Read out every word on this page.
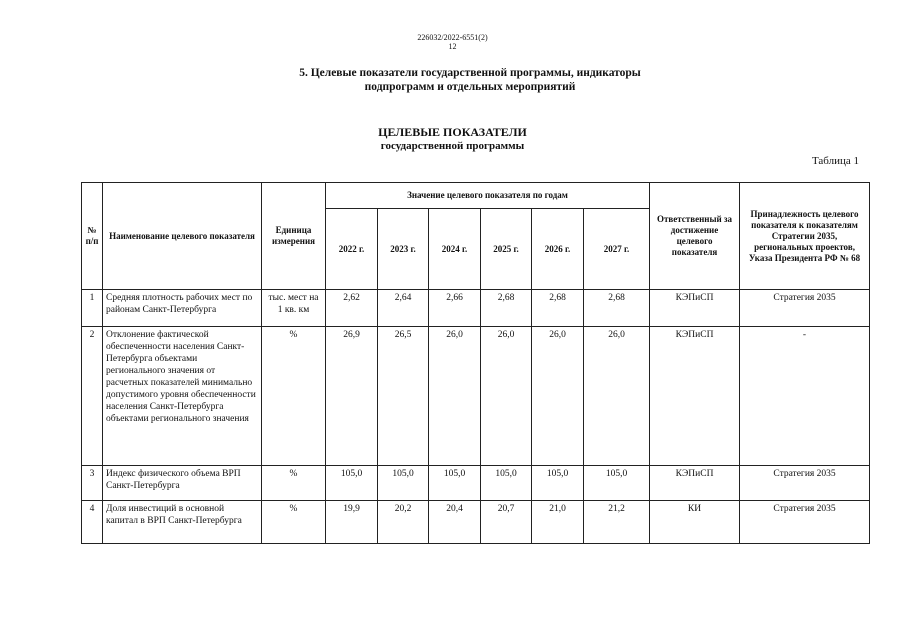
226032/2022-6551(2)
12
5. Целевые показатели государственной программы, индикаторы
подпрограмм и отдельных мероприятий
ЦЕЛЕВЫЕ ПОКАЗАТЕЛИ
государственной программы
Таблица 1
№ п/п	Наименование целевого показателя	Единица измерения	Значение целевого показателя по годам						Ответственный за достижение целевого показателя	Принадлежность целевого показателя к показателям Стратегии 2035, региональных проектов, Указа Президента РФ № 68
			2022 г.	2023 г.	2024 г.	2025 г.	2026 г.	2027 г.		
1	Средняя плотность рабочих мест по районам Санкт-Петербурга	тыс. мест на 1 кв. км	2,62	2,64	2,66	2,68	2,68	2,68	КЭПиСП	Стратегия 2035
2	Отклонение фактической обеспеченности населения Санкт-Петербурга объектами регионального значения от расчетных показателей минимально допустимого уровня обеспеченности населения Санкт-Петербурга объектами регионального значения	%	26,9	26,5	26,0	26,0	26,0	26,0	КЭПиСП	-
3	Индекс физического объема ВРП Санкт-Петербурга	%	105,0	105,0	105,0	105,0	105,0	105,0	КЭПиСП	Стратегия 2035
4	Доля инвестиций в основной капитал в ВРП Санкт-Петербурга	%	19,9	20,2	20,4	20,7	21,0	21,2	КИ	Стратегия 2035
